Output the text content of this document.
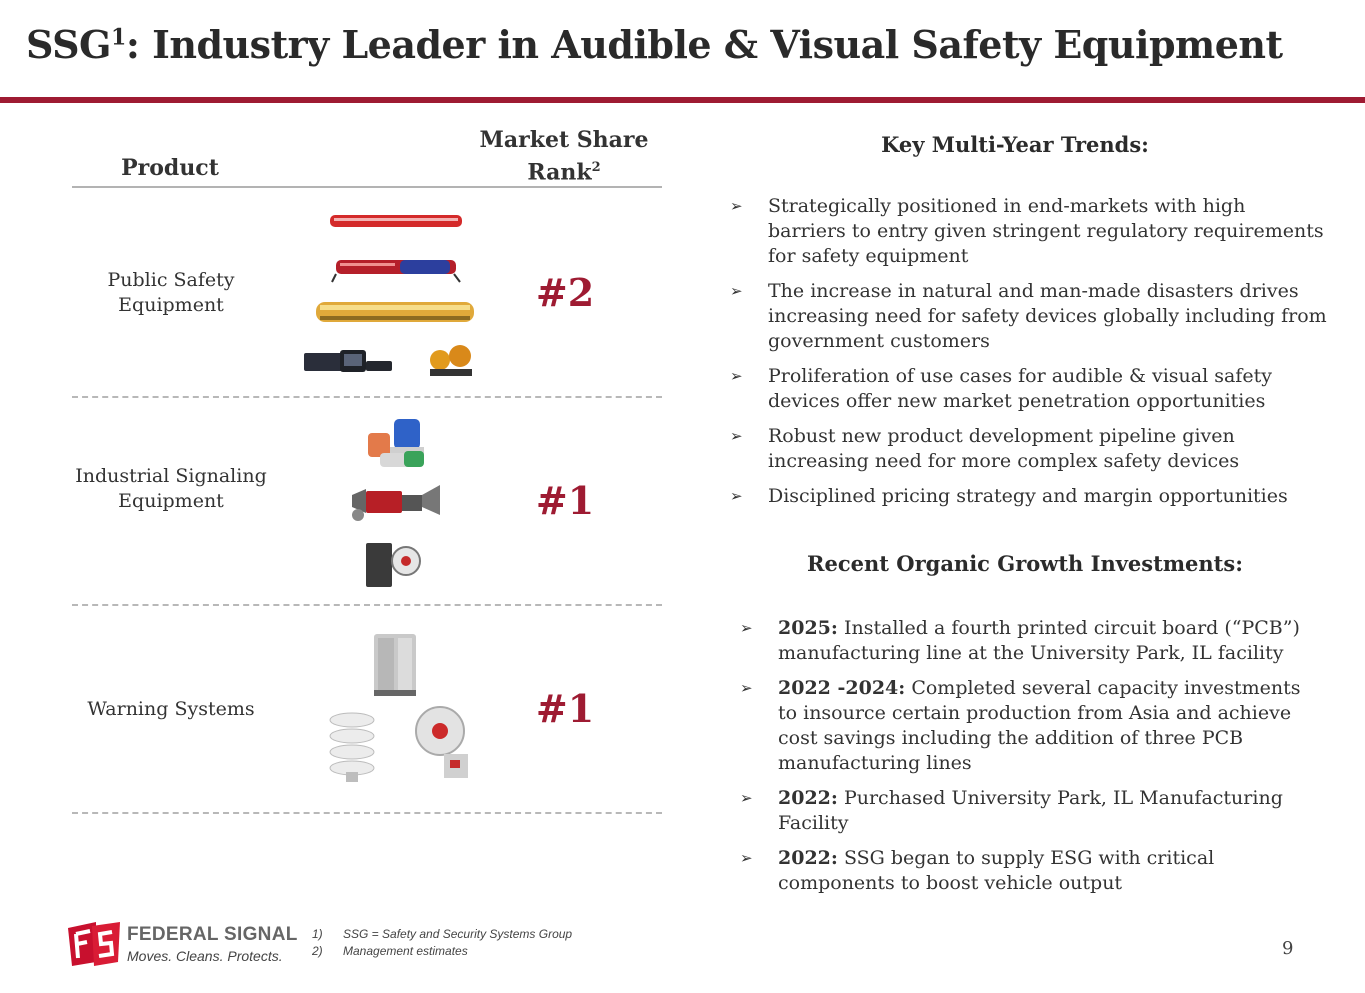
SSG$^1$: Industry Leader in Audible & Visual Safety Equipment
Product
Market Share
Rank$^2$
Public Safety Equipment	#2
Industrial Signaling Equipment	#1
Warning Systems	#1
Key Multi-Year Trends:
➢ Strategically positioned in end-markets with high barriers to entry given stringent regulatory requirements for safety equipment
➢ The increase in natural and man-made disasters drives increasing need for safety devices globally including from government customers
➢ Proliferation of use cases for audible & visual safety devices offer new market penetration opportunities
➢ Robust new product development pipeline given increasing need for more complex safety devices
➢ Disciplined pricing strategy and margin opportunities
Recent Organic Growth Investments:
➢ 2025: Installed a fourth printed circuit board (“PCB”) manufacturing line at the University Park, IL facility
➢ 2022 -2024: Completed several capacity investments to insource certain production from Asia and achieve cost savings including the addition of three PCB manufacturing lines
➢ 2022: Purchased University Park, IL Manufacturing Facility
➢ 2022: SSG began to supply ESG with critical components to boost vehicle output
FEDERAL SIGNAL
Moves. Cleans. Protects.
1) SSG = Safety and Security Systems Group
2) Management estimates	9
